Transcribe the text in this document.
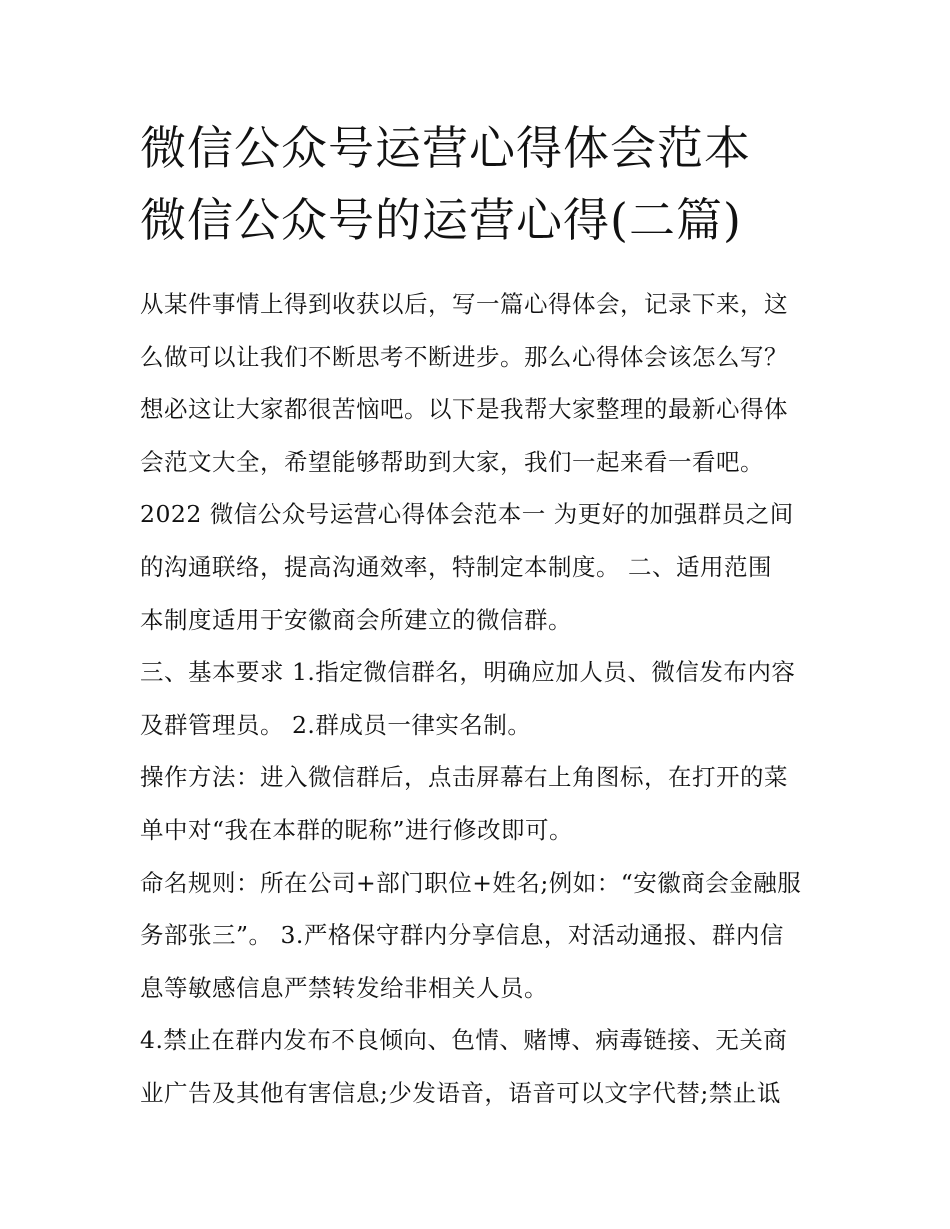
微信公众号运营心得体会范本
微信公众号的运营心得(二篇)
从某件事情上得到收获以后，写一篇心得体会，记录下来，这
么做可以让我们不断思考不断进步。那么心得体会该怎么写？
想必这让大家都很苦恼吧。以下是我帮大家整理的最新心得体
会范文大全，希望能够帮助到大家，我们一起来看一看吧。
2022 微信公众号运营心得体会范本一 为更好的加强群员之间
的沟通联络，提高沟通效率，特制定本制度。 二、适用范围
本制度适用于安徽商会所建立的微信群。
三、基本要求 1.指定微信群名，明确应加人员、微信发布内容
及群管理员。 2.群成员一律实名制。
操作方法：进入微信群后，点击屏幕右上角图标，在打开的菜
单中对“我在本群的昵称”进行修改即可。
命名规则：所在公司+部门职位+姓名;例如：“安徽商会金融服
务部张三”。 3.严格保守群内分享信息，对活动通报、群内信
息等敏感信息严禁转发给非相关人员。
4.禁止在群内发布不良倾向、色情、赌博、病毒链接、无关商
业广告及其他有害信息;少发语音，语音可以文字代替;禁止诋
